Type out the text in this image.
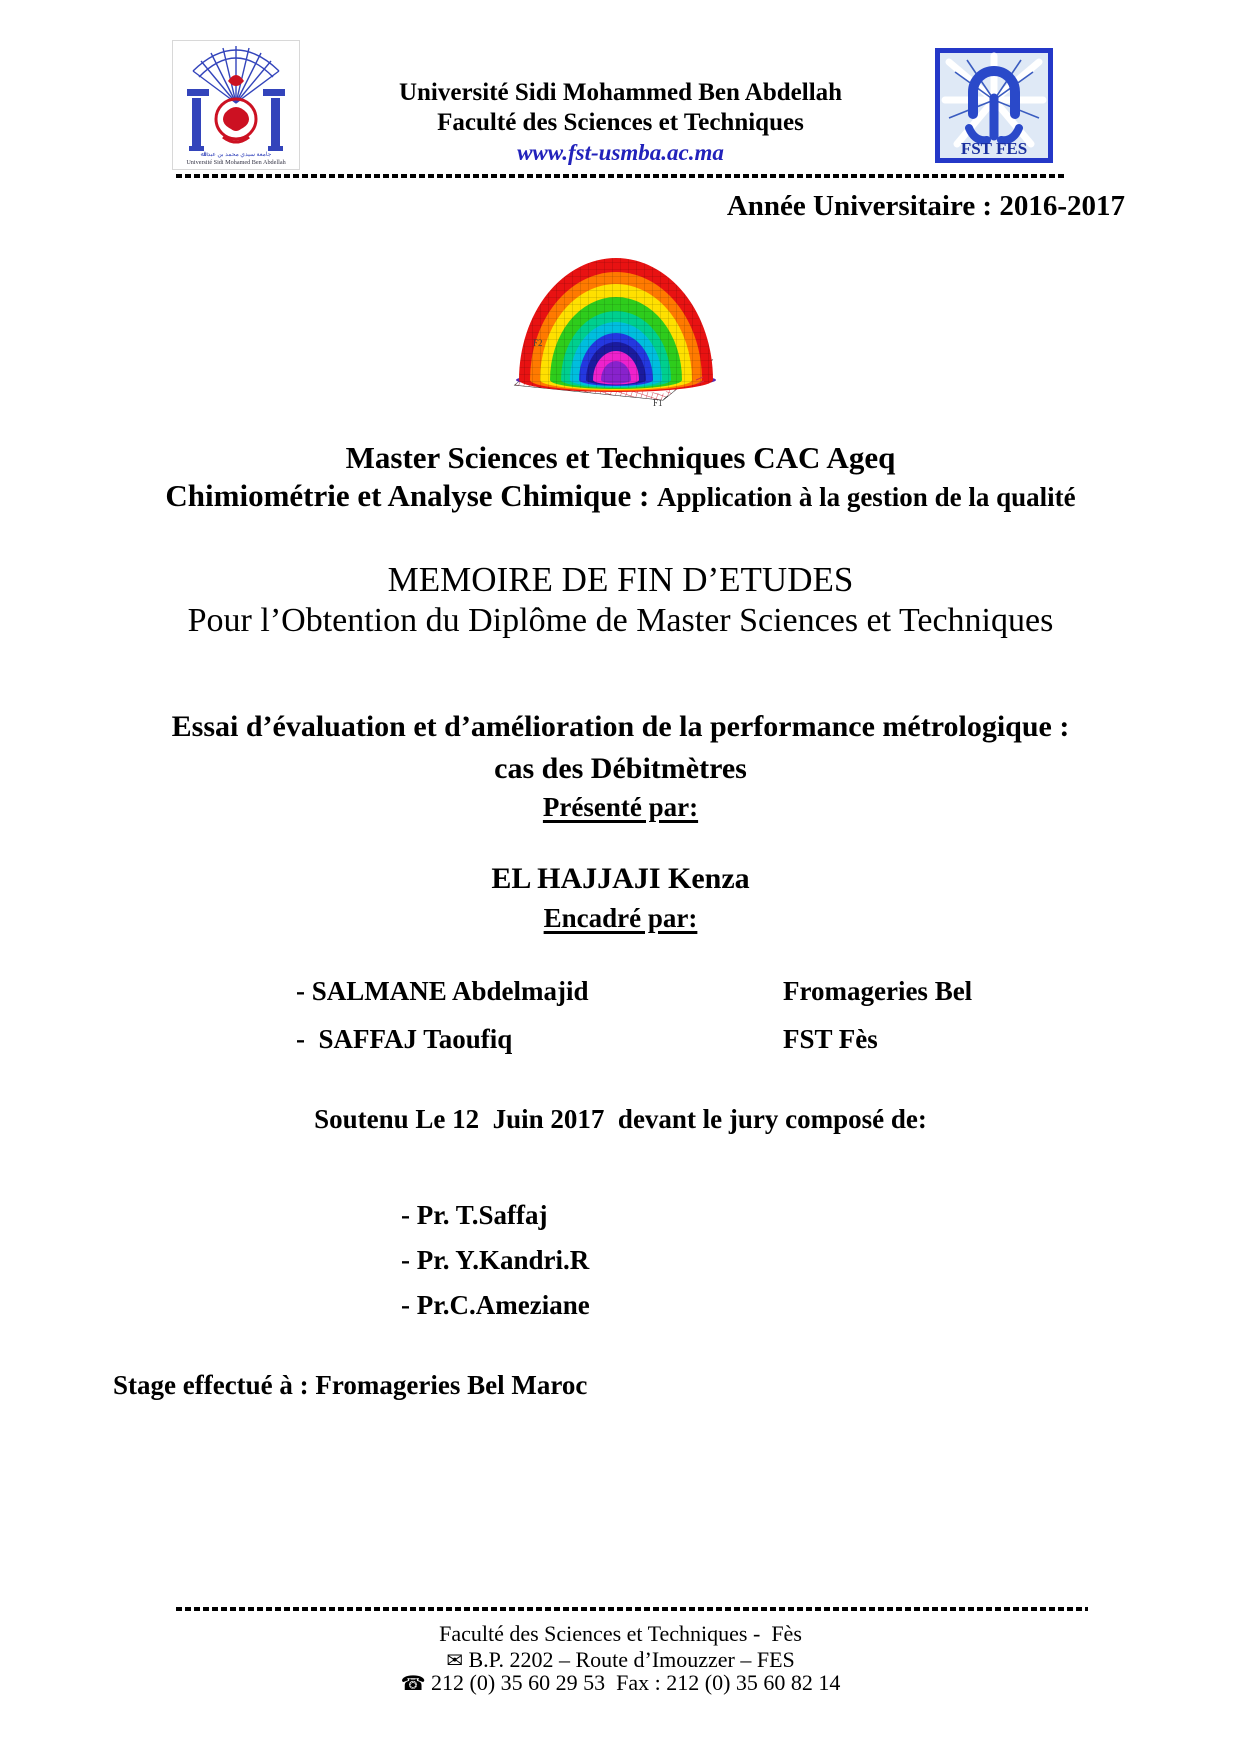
ﺟﺎﻣﻌﺔ ﺳﻴﺪي ﻣﺤﻤﺪ ﺑﻦ ﻋﺒﺪ اﷲ
Université Sidi Mohamed Ben Abdellah
Université Sidi Mohammed Ben Abdellah
Faculté des Sciences et Techniques
www.fst-usmba.ac.ma	FST FES
Année Universitaire : 2016-2017
F2
F1
Master Sciences et Techniques CAC Ageq
Chimiométrie et Analyse Chimique : Application à la gestion de la qualité
MEMOIRE DE FIN D’ETUDES
Pour l’Obtention du Diplôme de Master Sciences et Techniques
Essai d’évaluation et d’amélioration de la performance métrologique :
cas des Débitmètres
Présenté par:
EL HAJJAJI Kenza
Encadré par:
- SALMANE Abdelmajid	Fromageries Bel
-  SAFFAJ Taoufiq	FST Fès
Soutenu Le 12  Juin 2017  devant le jury composé de:
- Pr. T.Saffaj
- Pr. Y.Kandri.R
- Pr.C.Ameziane
Stage effectué à : Fromageries Bel Maroc
Faculté des Sciences et Techniques -  Fès
✉ B.P. 2202 – Route d’Imouzzer – FES
☎ 212 (0) 35 60 29 53  Fax : 212 (0) 35 60 82 14
